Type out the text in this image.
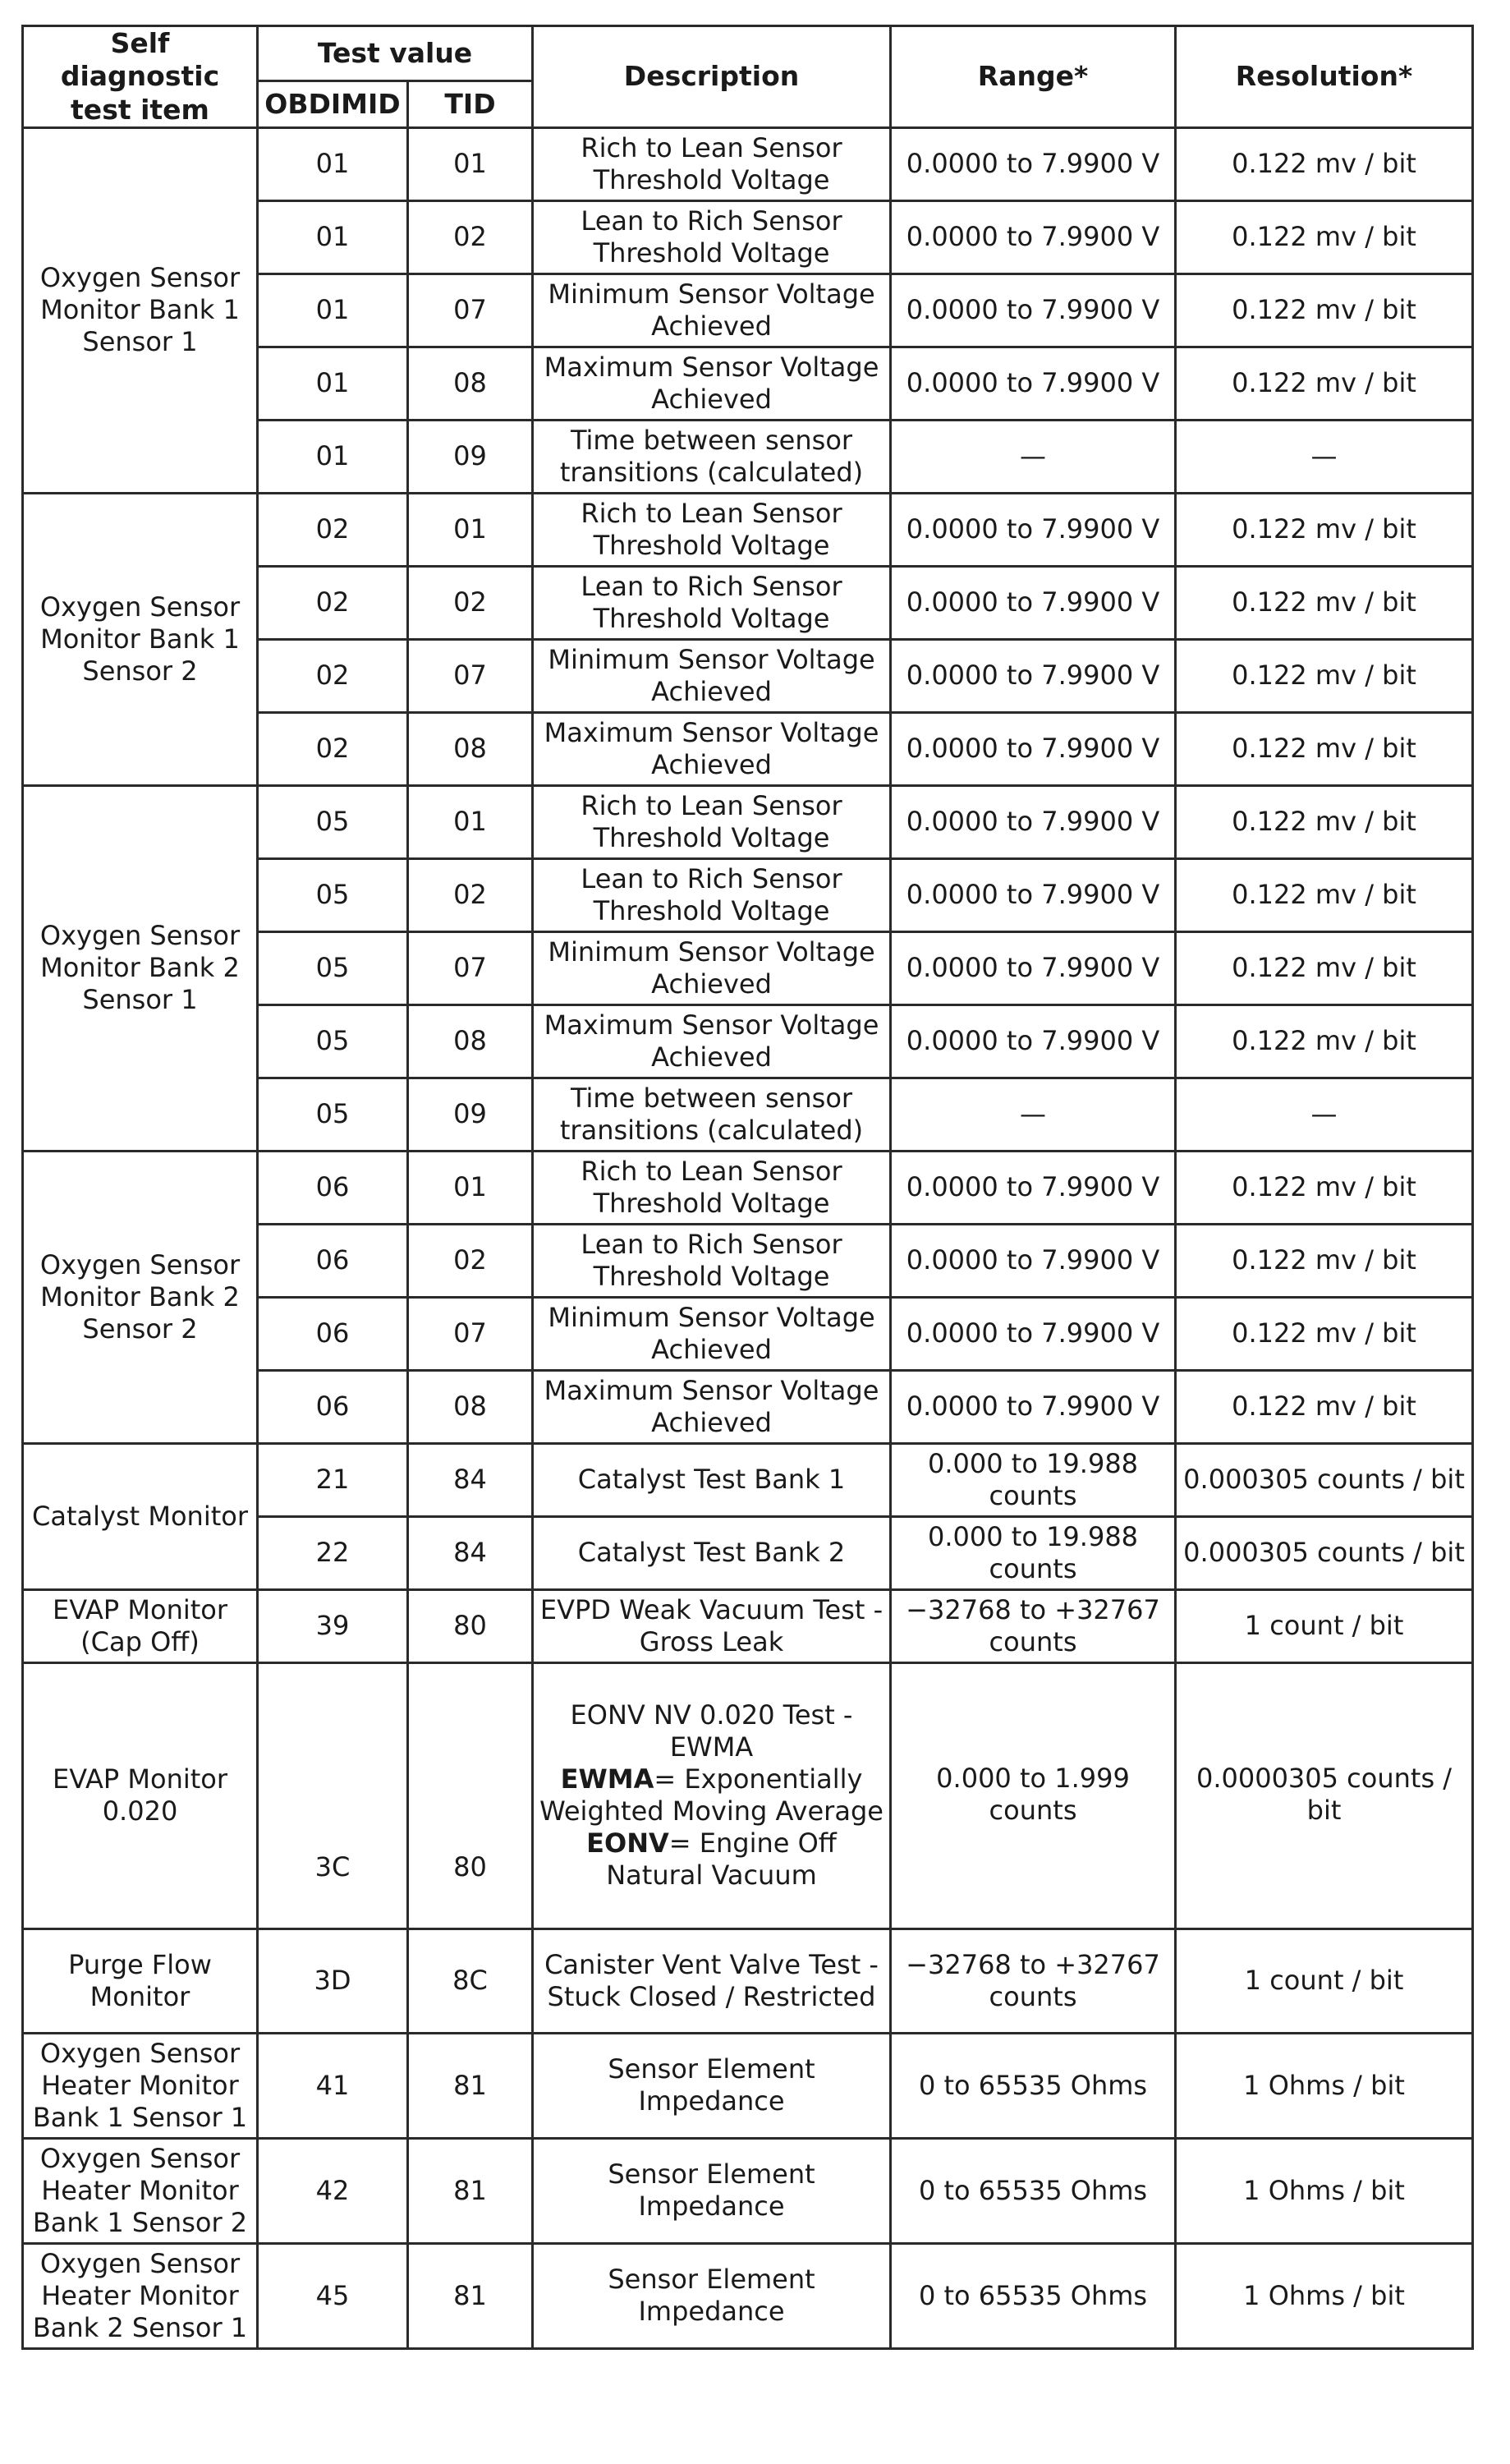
Self diagnostic test item	Test value		Description	Range*	Resolution*
	OBDIMID	TID			
Oxygen Sensor Monitor Bank 1 Sensor 1	01	01	Rich to Lean Sensor Threshold Voltage	0.0000 to 7.9900 V	0.122 mv / bit
	01	02	Lean to Rich Sensor Threshold Voltage	0.0000 to 7.9900 V	0.122 mv / bit
	01	07	Minimum Sensor Voltage Achieved	0.0000 to 7.9900 V	0.122 mv / bit
	01	08	Maximum Sensor Voltage Achieved	0.0000 to 7.9900 V	0.122 mv / bit
	01	09	Time between sensor transitions (calculated)	—	—
Oxygen Sensor Monitor Bank 1 Sensor 2	02	01	Rich to Lean Sensor Threshold Voltage	0.0000 to 7.9900 V	0.122 mv / bit
	02	02	Lean to Rich Sensor Threshold Voltage	0.0000 to 7.9900 V	0.122 mv / bit
	02	07	Minimum Sensor Voltage Achieved	0.0000 to 7.9900 V	0.122 mv / bit
	02	08	Maximum Sensor Voltage Achieved	0.0000 to 7.9900 V	0.122 mv / bit
Oxygen Sensor Monitor Bank 2 Sensor 1	05	01	Rich to Lean Sensor Threshold Voltage	0.0000 to 7.9900 V	0.122 mv / bit
	05	02	Lean to Rich Sensor Threshold Voltage	0.0000 to 7.9900 V	0.122 mv / bit
	05	07	Minimum Sensor Voltage Achieved	0.0000 to 7.9900 V	0.122 mv / bit
	05	08	Maximum Sensor Voltage Achieved	0.0000 to 7.9900 V	0.122 mv / bit
	05	09	Time between sensor transitions (calculated)	—	—
Oxygen Sensor Monitor Bank 2 Sensor 2	06	01	Rich to Lean Sensor Threshold Voltage	0.0000 to 7.9900 V	0.122 mv / bit
	06	02	Lean to Rich Sensor Threshold Voltage	0.0000 to 7.9900 V	0.122 mv / bit
	06	07	Minimum Sensor Voltage Achieved	0.0000 to 7.9900 V	0.122 mv / bit
	06	08	Maximum Sensor Voltage Achieved	0.0000 to 7.9900 V	0.122 mv / bit
Catalyst Monitor	21	84	Catalyst Test Bank 1	0.000 to 19.988 counts	0.000305 counts / bit
	22	84	Catalyst Test Bank 2	0.000 to 19.988 counts	0.000305 counts / bit
EVAP Monitor (Cap Off)	39	80	EVPD Weak Vacuum Test - Gross Leak	−32768 to +32767 counts	1 count / bit
EVAP Monitor 0.020	3C	80	EONV NV 0.020 Test - EWMA
EWMA= Exponentially Weighted Moving Average
EONV= Engine Off Natural Vacuum	0.000 to 1.999 counts	0.0000305 counts / bit

Purge Flow Monitor	3D	8C	Canister Vent Valve Test - Stuck Closed / Restricted	−32768 to +32767 counts	1 count / bit
Oxygen Sensor Heater Monitor Bank 1 Sensor 1	41	81	Sensor Element Impedance	0 to 65535 Ohms	1 Ohms / bit
Oxygen Sensor Heater Monitor Bank 1 Sensor 2	42	81	Sensor Element Impedance	0 to 65535 Ohms	1 Ohms / bit
Oxygen Sensor Heater Monitor Bank 2 Sensor 1	45	81	Sensor Element Impedance	0 to 65535 Ohms	1 Ohms / bit
